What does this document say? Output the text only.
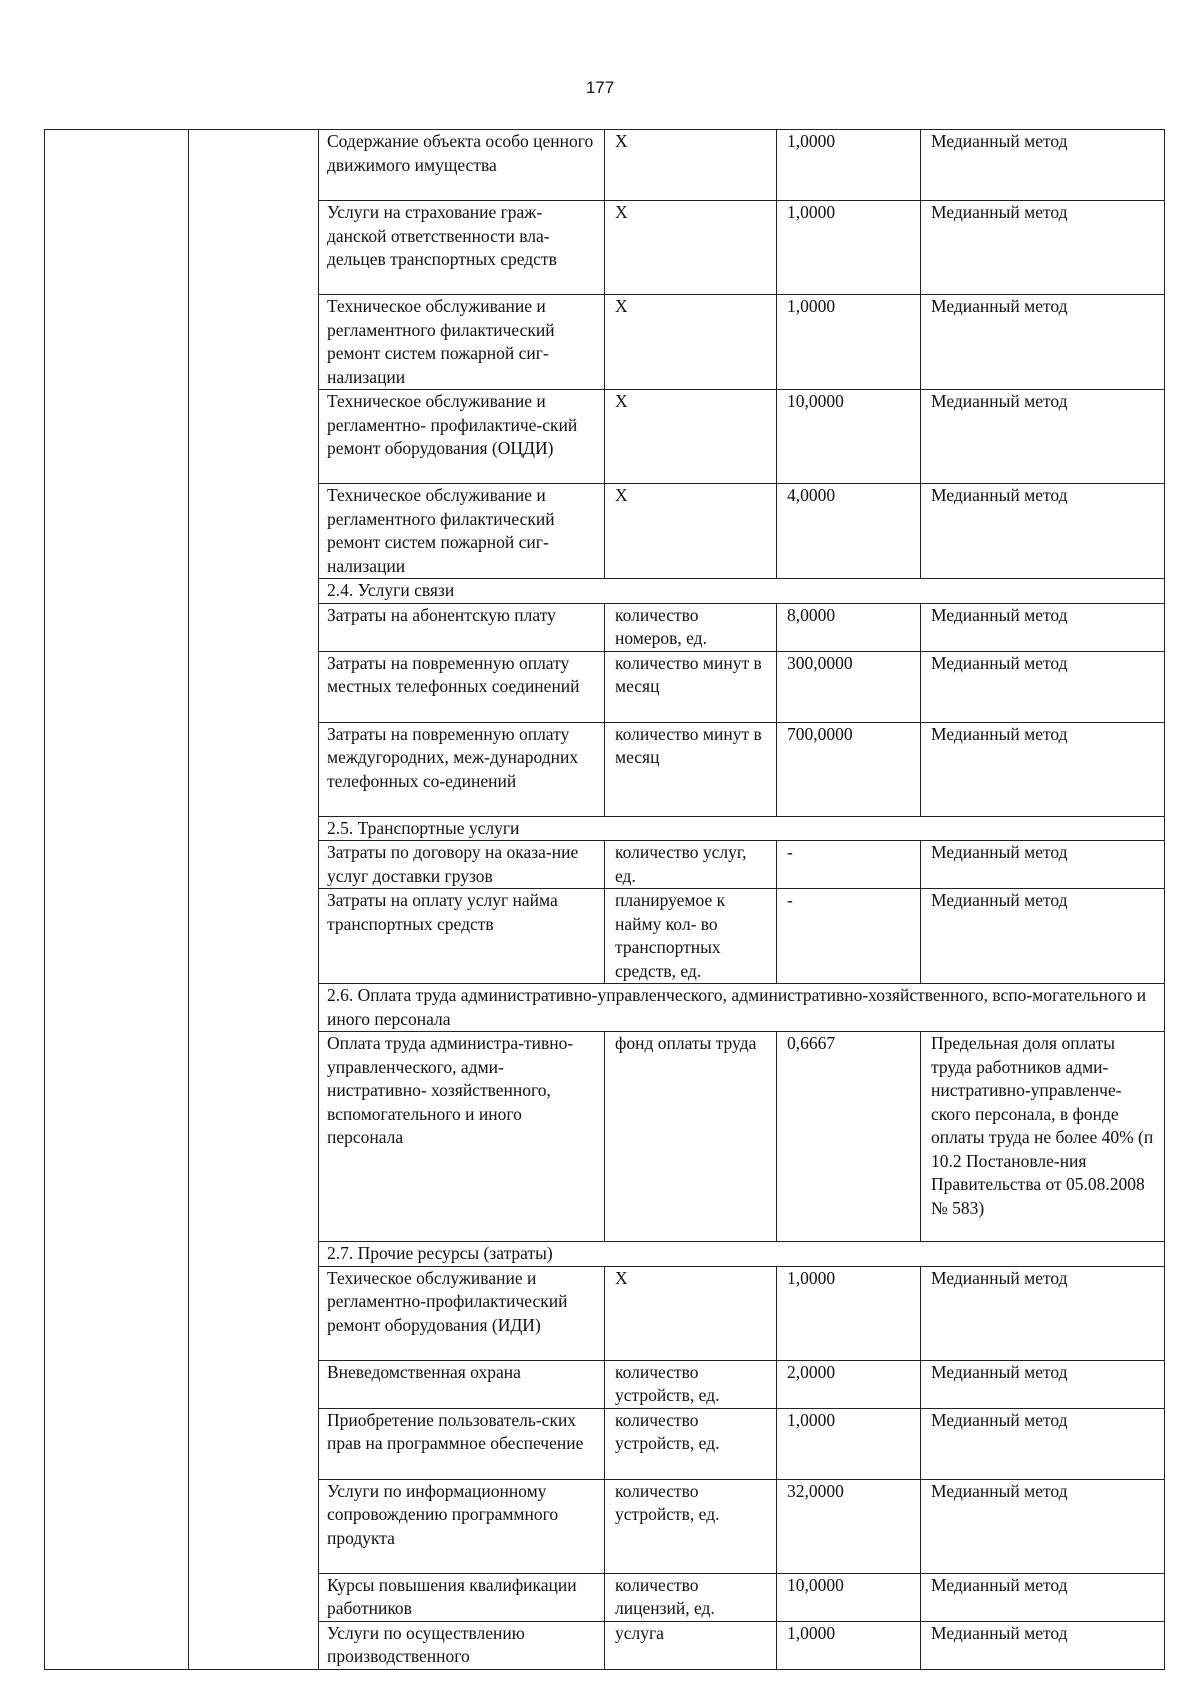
177
		Содержание объекта особо ценного движимого имущества	X	1,0000	Медианный метод
		Услуги на страхование граж-данской ответственности вла-дельцев транспортных средств	X	1,0000	Медианный метод
		Техническое обслуживание и регламентного филактический ремонт систем пожарной сиг-нализации	X	1,0000	Медианный метод
		Техническое обслуживание и регламентно- профилактиче-ский ремонт оборудования (ОЦДИ)	X	10,0000	Медианный метод
		Техническое обслуживание и регламентного филактический ремонт систем пожарной сиг-нализации	X	4,0000	Медианный метод
		2.4. Услуги связи			
		Затраты на абонентскую плату	количество номеров, ед.	8,0000	Медианный метод
		Затраты на повременную оплату местных телефонных соединений	количество минут в месяц	300,0000	Медианный метод
		Затраты на повременную оплату междугородних, меж-дународних телефонных со-единений	количество минут в месяц	700,0000	Медианный метод
		2.5. Транспортные услуги			
		Затраты по договору на оказа-ние услуг доставки грузов	количество услуг, ед.	-	Медианный метод
		Затраты на оплату услуг найма транспортных средств	планируемое к найму кол- во транспортных средств, ед.	-	Медианный метод
		2.6. Оплата труда административно-управленческого, административно-хозяйственного, вспо-могательного и иного персонала			
		Оплата труда администра-тивно-управленческого, адми-нистративно- хозяйственного, вспомогательного и иного персонала	фонд оплаты труда	0,6667	Предельная доля оплаты труда работников адми-нистративно-управленче-ского персонала, в фонде оплаты труда не более 40% (п 10.2 Постановле-ния Правительства от 05.08.2008 № 583)
		2.7. Прочие ресурсы (затраты)			
		Техическое обслуживание и регламентно-профилактический ремонт оборудования (ИДИ)	X	1,0000	Медианный метод
		Вневедомственная охрана	количество устройств, ед.	2,0000	Медианный метод
		Приобретение пользователь-ских прав на программное обеспечение	количество устройств, ед.	1,0000	Медианный метод
		Услуги по информационному сопровождению программного продукта	количество устройств, ед.	32,0000	Медианный метод
		Курсы повышения квалификации работников	количество лицензий, ед.	10,0000	Медианный метод
		Услуги по осуществлению производственного	услуга	1,0000	Медианный метод
